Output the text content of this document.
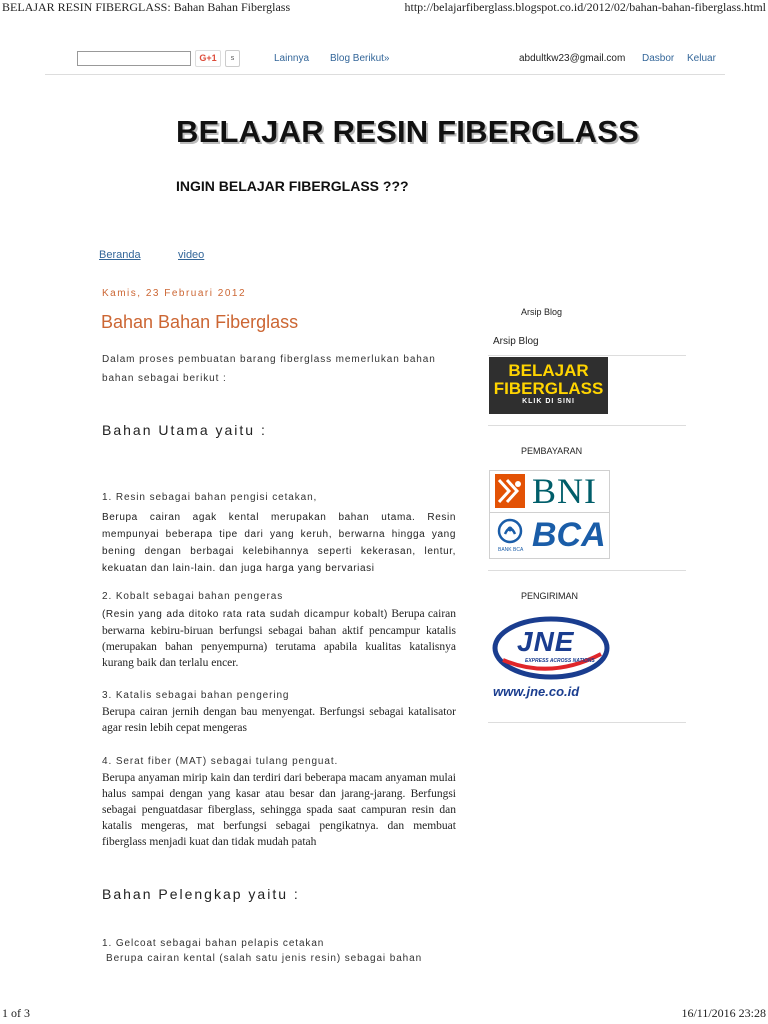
BELAJAR RESIN FIBERGLASS: Bahan Bahan Fiberglass	http://belajarfiberglass.blogspot.co.id/2012/02/bahan-bahan-fiberglass.html
G+1	s	Lainnya Blog Berikut»	abdultkw23@gmail.com Dasbor Keluar
BELAJAR RESIN FIBERGLASS
INGIN BELAJAR FIBERGLASS ???
Beranda	video
Kamis, 23 Februari 2012
Bahan Bahan Fiberglass
Dalam proses pembuatan barang fiberglass memerlukan bahan
bahan sebagai berikut :
Bahan Utama yaitu :
1. Resin sebagai bahan pengisi cetakan,
Berupa cairan agak kental merupakan bahan utama. Resin mempunyai beberapa tipe dari yang keruh, berwarna hingga yang bening dengan berbagai kelebihannya seperti kekerasan, lentur, kekuatan dan lain-lain. dan juga harga yang bervariasi
2. Kobalt sebagai bahan pengeras
(Resin yang ada ditoko rata rata sudah dicampur kobalt) Berupa cairan berwarna kebiru-biruan berfungsi sebagai bahan aktif pencampur katalis (merupakan bahan penyempurna) terutama apabila kualitas katalisnya kurang baik dan terlalu encer.
3. Katalis sebagai bahan pengering
Berupa cairan jernih dengan bau menyengat. Berfungsi sebagai katalisator agar resin lebih cepat mengeras
4. Serat fiber (MAT) sebagai tulang penguat.
Berupa anyaman mirip kain dan terdiri dari beberapa macam anyaman mulai halus sampai dengan yang kasar atau besar dan jarang-jarang. Berfungsi sebagai penguatdasar fiberglass, sehingga spada saat campuran resin dan katalis mengeras, mat berfungsi sebagai pengikatnya. dan membuat fiberglass menjadi kuat dan tidak mudah patah
Bahan Pelengkap yaitu :
1. Gelcoat sebagai bahan pelapis cetakan
Berupa cairan kental (salah satu jenis resin) sebagai bahan
Arsip Blog
Arsip Blog
BELAJAR
FIBERGLASS
KLIK DI SINI
PEMBAYARAN
BNI
BANK BCA BCA
PENGIRIMAN
JNE
EXPRESS ACROSS NATIONS
www.jne.co.id
1 of 3	16/11/2016 23:28
